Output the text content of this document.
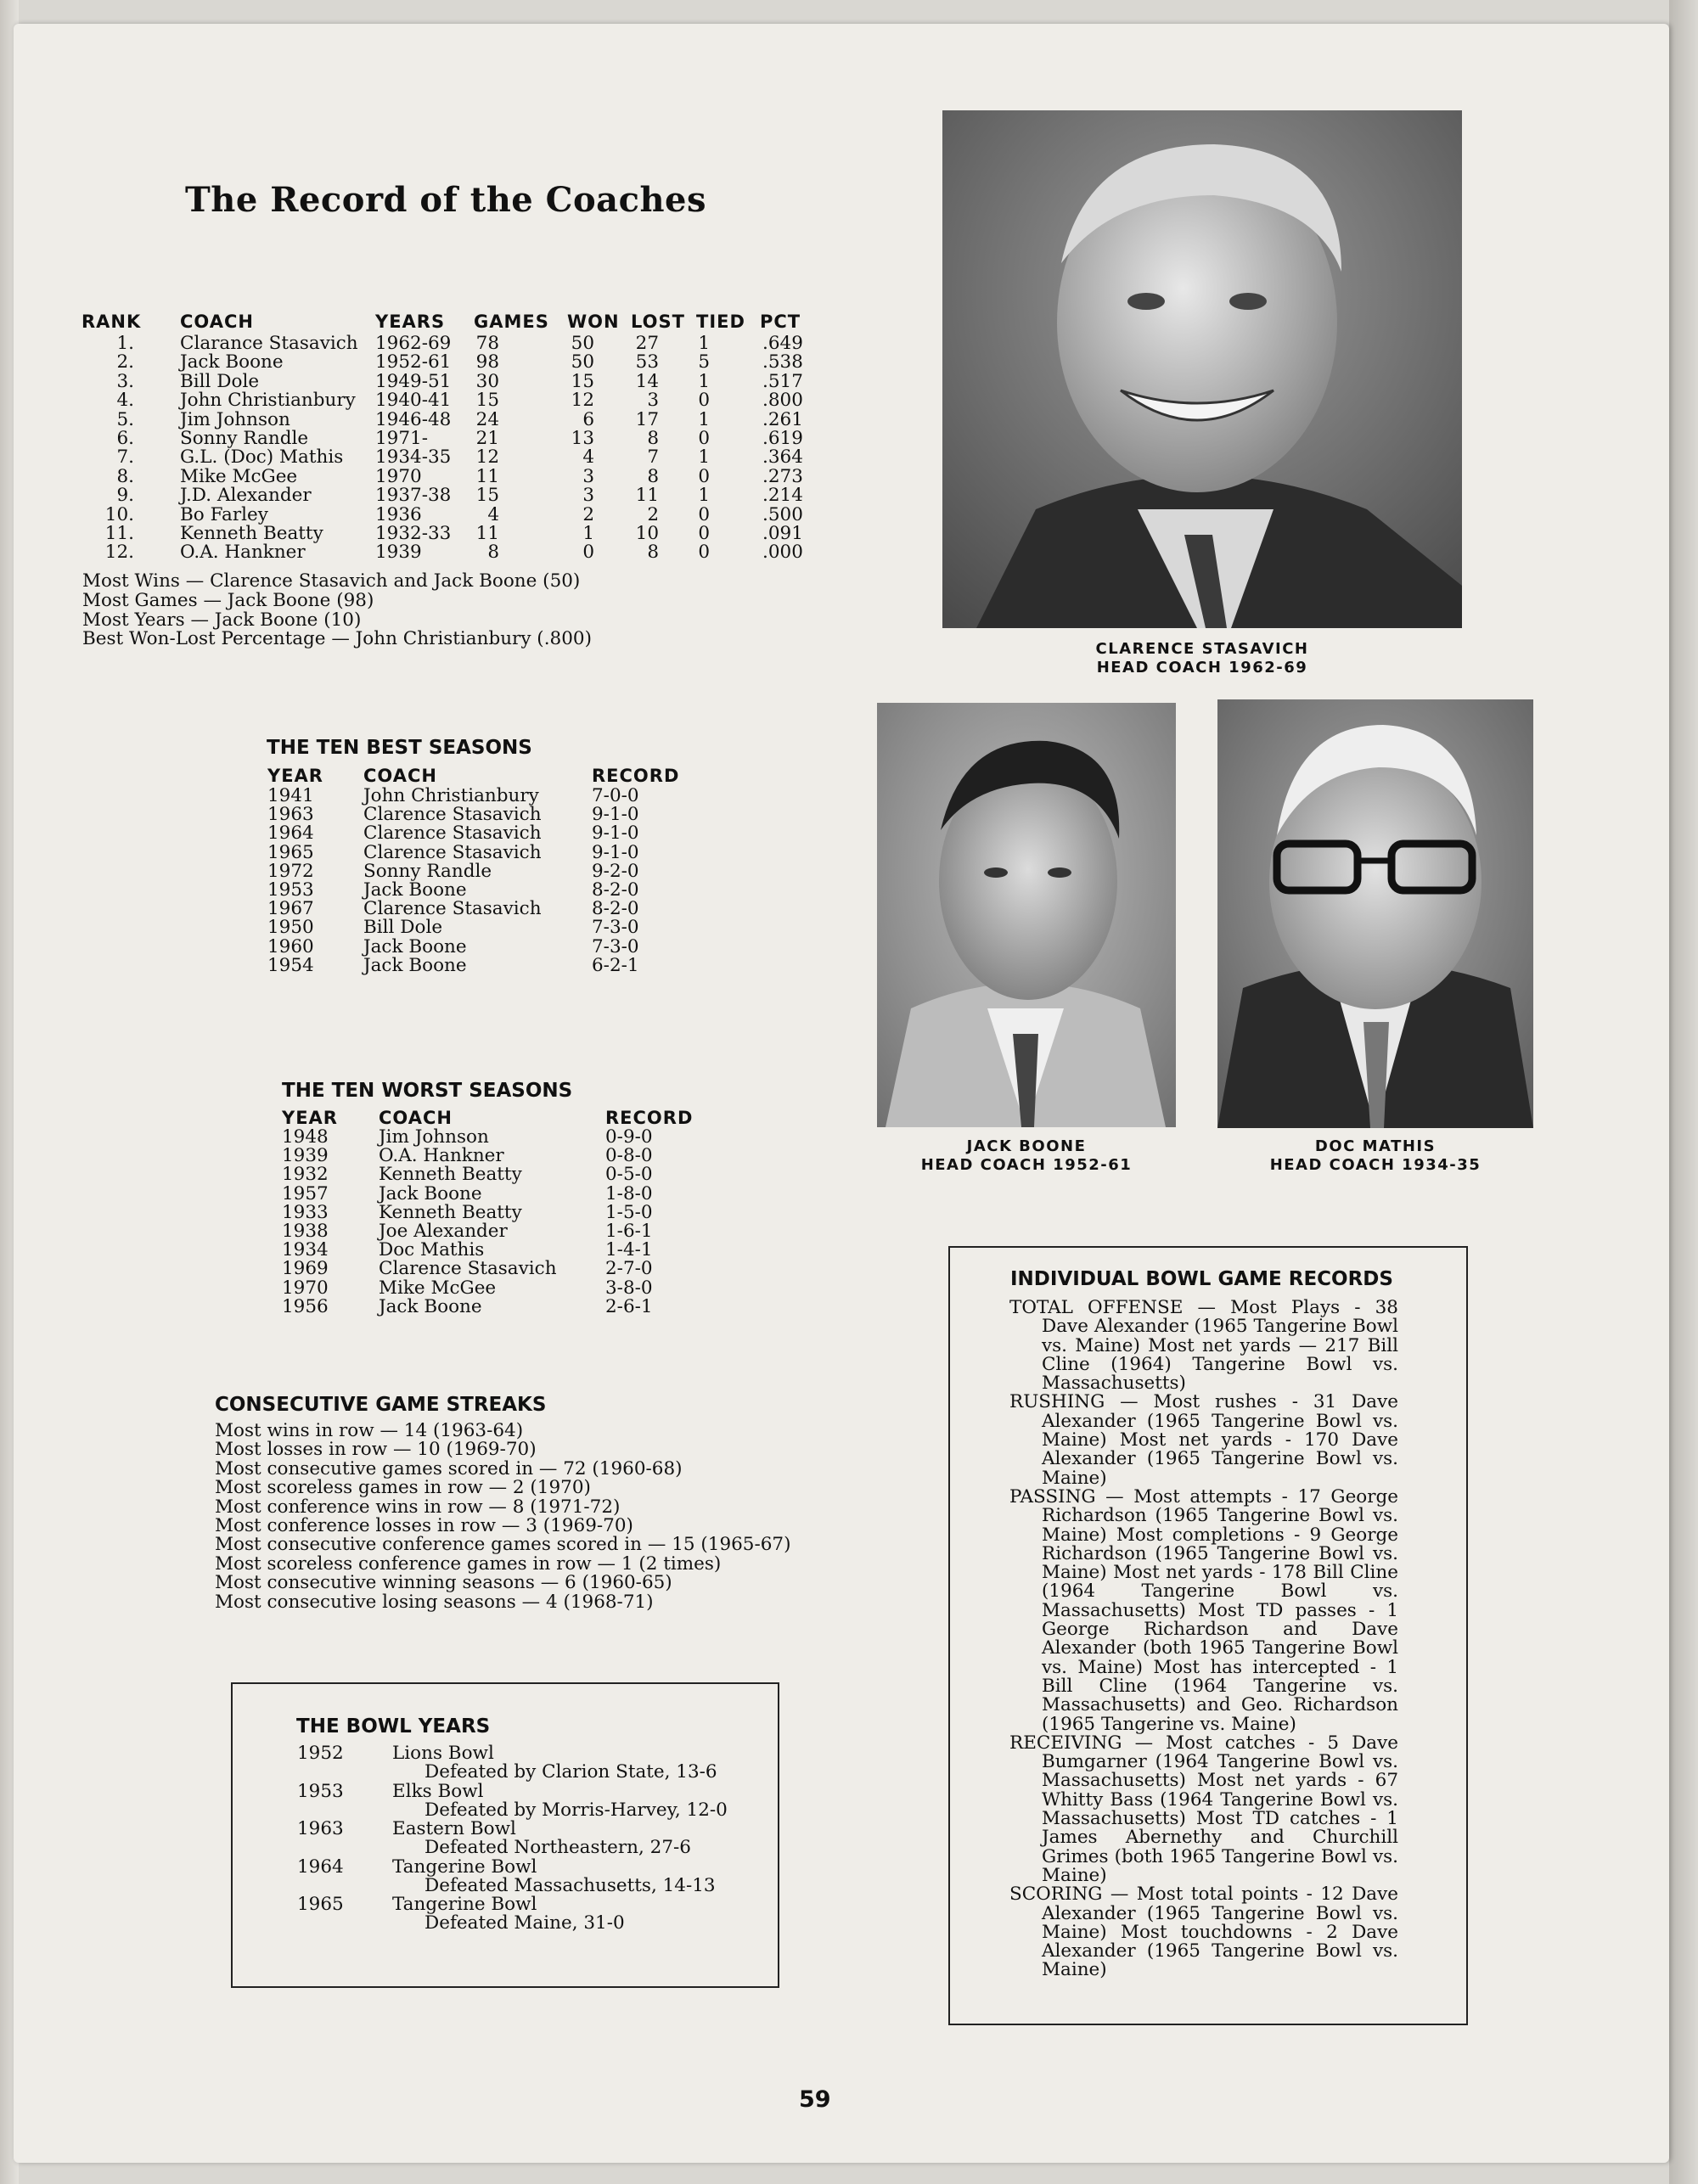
The Record of the Coaches
RANK COACH	YEARS GAMES WON LOST TIED PCT
1.	Clarance Stasavich 1962-69	78	50	27	1	.649
2.	Jack Boone	1952-61	98	50	53	5	.538
3.	Bill Dole	1949-51	30	15	14	1	.517
4.	John Christianbury	1940-41	15	12	3	0	.800
5.	Jim Johnson	1946-48	24	6	17	1	.261
6.	Sonny Randle	1971-	21	13	8	0	.619
7.	G.L. (Doc) Mathis	1934-35	12	4	7	1	.364
8.	Mike McGee	1970	11	3	8	0	.273
9.	J.D. Alexander	1937-38	15	3	11	1	.214
10.	Bo Farley	1936	4	2	2	0	.500
11.	Kenneth Beatty	1932-33	11	1	10	0	.091
12.	O.A. Hankner	1939	8	0	8	0	.000
Most Wins — Clarence Stasavich and Jack Boone (50)
Most Games — Jack Boone (98)
Most Years — Jack Boone (10)
Best Won-Lost Percentage — John Christianbury (.800)
THE TEN BEST SEASONS
YEAR COACH	RECORD
1941	John Christianbury	7-0-0
1963	Clarence Stasavich	9-1-0
1964	Clarence Stasavich	9-1-0
1965	Clarence Stasavich	9-1-0
1972	Sonny Randle	9-2-0
1953	Jack Boone	8-2-0
1967	Clarence Stasavich	8-2-0
1950	Bill Dole	7-3-0
1960	Jack Boone	7-3-0
1954	Jack Boone	6-2-1
THE TEN WORST SEASONS
YEAR COACH	RECORD
1948	Jim Johnson	0-9-0
1939	O.A. Hankner	0-8-0
1932	Kenneth Beatty	0-5-0
1957	Jack Boone	1-8-0
1933	Kenneth Beatty	1-5-0
1938	Joe Alexander	1-6-1
1934	Doc Mathis	1-4-1
1969	Clarence Stasavich	2-7-0
1970	Mike McGee	3-8-0
1956	Jack Boone	2-6-1
CONSECUTIVE GAME STREAKS
Most wins in row — 14 (1963-64)
Most losses in row — 10 (1969-70)
Most consecutive games scored in — 72 (1960-68)
Most scoreless games in row — 2 (1970)
Most conference wins in row — 8 (1971-72)
Most conference losses in row — 3 (1969-70)
Most consecutive conference games scored in — 15 (1965-67)
Most scoreless conference games in row — 1 (2 times)
Most consecutive winning seasons — 6 (1960-65)
Most consecutive losing seasons — 4 (1968-71)
THE BOWL YEARS
1952	Lions Bowl
Defeated by Clarion State, 13-6
1953	Elks Bowl
Defeated by Morris-Harvey, 12-0
1963	Eastern Bowl
Defeated Northeastern, 27-6
1964	Tangerine Bowl
Defeated Massachusetts, 14-13
1965	Tangerine Bowl
Defeated Maine, 31-0
CLARENCE STASAVICH
HEAD COACH 1962-69
JACK BOONE
HEAD COACH 1952-61
DOC MATHIS
HEAD COACH 1934-35
INDIVIDUAL BOWL GAME RECORDS
TOTAL OFFENSE — Most Plays - 38 Dave Alexander (1965 Tangerine Bowl vs. Maine) Most net yards — 217 Bill Cline (1964) Tangerine Bowl vs. Massachusetts)
RUSHING — Most rushes - 31 Dave Alexander (1965 Tangerine Bowl vs. Maine) Most net yards - 170 Dave Alexander (1965 Tangerine Bowl vs. Maine)
PASSING — Most attempts - 17 George Richardson (1965 Tangerine Bowl vs. Maine) Most completions - 9 George Richardson (1965 Tangerine Bowl vs. Maine) Most net yards - 178 Bill Cline (1964 Tangerine Bowl vs. Massachusetts) Most TD passes - 1 George Richardson and Dave Alexander (both 1965 Tangerine Bowl vs. Maine) Most has intercepted - 1 Bill Cline (1964 Tangerine vs. Massachusetts) and Geo. Richardson (1965 Tangerine vs. Maine)
RECEIVING — Most catches - 5 Dave Bumgarner (1964 Tangerine Bowl vs. Massachusetts) Most net yards - 67 Whitty Bass (1964 Tangerine Bowl vs. Massachusetts) Most TD catches - 1 James Abernethy and Churchill Grimes (both 1965 Tangerine Bowl vs. Maine)
SCORING — Most total points - 12 Dave Alexander (1965 Tangerine Bowl vs. Maine) Most touchdowns - 2 Dave Alexander (1965 Tangerine Bowl vs. Maine)
59
